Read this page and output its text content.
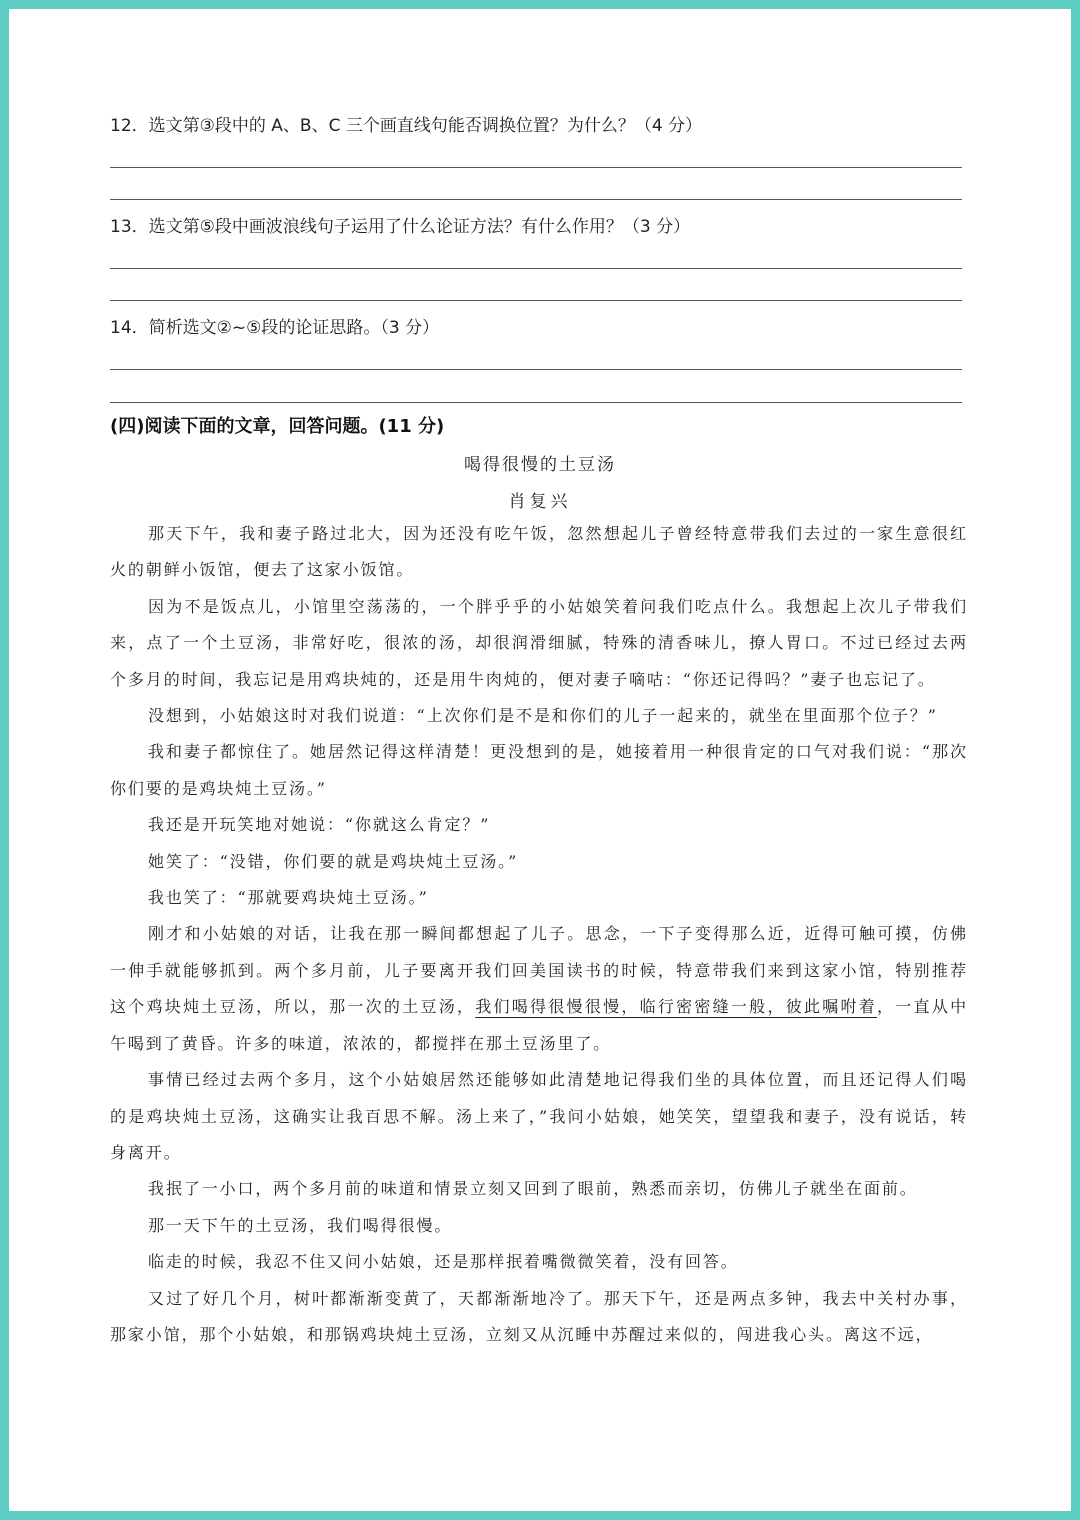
12．选文第③段中的 A、B、C 三个画直线句能否调换位置？为什么？（4 分）
13．选文第⑤段中画波浪线句子运用了什么论证方法？有什么作用？（3 分）
14．简析选文②~⑤段的论证思路。（3 分）
(四)阅读下面的文章，回答问题。(11 分)
喝得很慢的土豆汤
肖复兴

那天下午，我和妻子路过北大，因为还没有吃午饭，忽然想起儿子曾经特意带我们去过的一家生意很红火的朝鲜小饭馆，便去了这家小饭馆。

因为不是饭点儿，小馆里空荡荡的，一个胖乎乎的小姑娘笑着问我们吃点什么。我想起上次儿子带我们来，点了一个土豆汤，非常好吃，很浓的汤，却很润滑细腻，特殊的清香味儿，撩人胃口。不过已经过去两个多月的时间，我忘记是用鸡块炖的，还是用牛肉炖的，便对妻子嘀咕：“你还记得吗？”妻子也忘记了。

没想到，小姑娘这时对我们说道：“上次你们是不是和你们的儿子一起来的，就坐在里面那个位子？”

我和妻子都惊住了。她居然记得这样清楚！更没想到的是，她接着用一种很肯定的口气对我们说：“那次你们要的是鸡块炖土豆汤。”

我还是开玩笑地对她说：“你就这么肯定？”

她笑了：“没错，你们要的就是鸡块炖土豆汤。”

我也笑了：“那就要鸡块炖土豆汤。”

刚才和小姑娘的对话，让我在那一瞬间都想起了儿子。思念，一下子变得那么近，近得可触可摸，仿佛一伸手就能够抓到。两个多月前，儿子要离开我们回美国读书的时候，特意带我们来到这家小馆，特别推荐这个鸡块炖土豆汤，所以，那一次的土豆汤，我们喝得很慢很慢，临行密密缝一般，彼此嘱咐着，一直从中午喝到了黄昏。许多的味道，浓浓的，都搅拌在那土豆汤里了。

事情已经过去两个多月，这个小姑娘居然还能够如此清楚地记得我们坐的具体位置，而且还记得人们喝的是鸡块炖土豆汤，这确实让我百思不解。汤上来了，”我问小姑娘，她笑笑，望望我和妻子，没有说话，转身离开。

我抿了一小口，两个多月前的味道和情景立刻又回到了眼前，熟悉而亲切，仿佛儿子就坐在面前。

那一天下午的土豆汤，我们喝得很慢。

临走的时候，我忍不住又问小姑娘，还是那样抿着嘴微微笑着，没有回答。

又过了好几个月，树叶都渐渐变黄了，天都渐渐地冷了。那天下午，还是两点多钟，我去中关村办事，那家小馆，那个小姑娘，和那锅鸡块炖土豆汤，立刻又从沉睡中苏醒过来似的，闯进我心头。离这不远，
